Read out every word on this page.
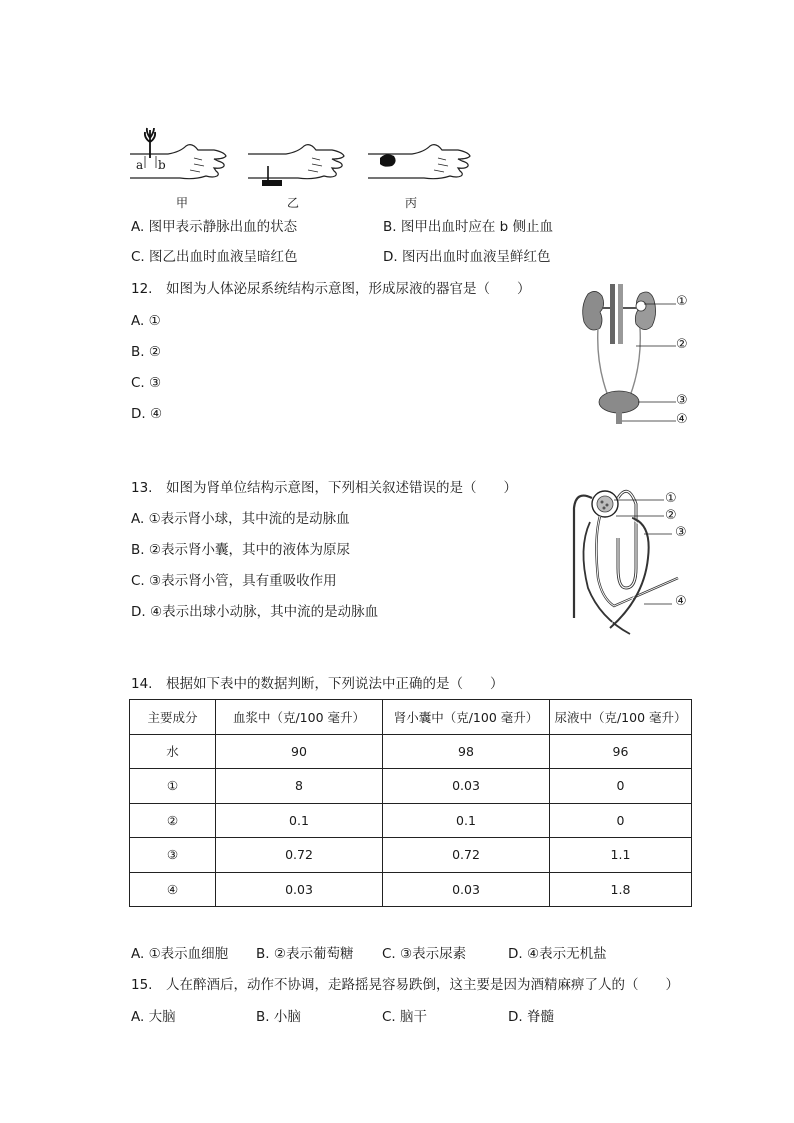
a b
甲	乙	丙
A. 图甲表示静脉出血的状态	B. 图甲出血时应在 b 侧止血
C. 图乙出血时血液呈暗红色	D. 图丙出血时血液呈鲜红色
12.　如图为人体泌尿系统结构示意图，形成尿液的器官是（　　）
A. ①
B. ②
C. ③
D. ④
①
②
③
④
13.　如图为肾单位结构示意图，下列相关叙述错误的是（　　）
A. ①表示肾小球，其中流的是动脉血
B. ②表示肾小囊，其中的液体为原尿
C. ③表示肾小管，具有重吸收作用
D. ④表示出球小动脉，其中流的是动脉血
①
②
③
④
14.　根据如下表中的数据判断，下列说法中正确的是（　　）
主要成分	血浆中（克/100 毫升）	肾小囊中（克/100 毫升）	尿液中（克/100 毫升）
水	90	98	96
①	8	0.03	0
②	0.1	0.1	0
③	0.72	0.72	1.1
④	0.03	0.03	1.8
A. ①表示血细胞 B. ②表示葡萄糖 C. ③表示尿素	D. ④表示无机盐
15.　人在醉酒后，动作不协调，走路摇晃容易跌倒，这主要是因为酒精麻痹了人的（　　）
A. 大脑	B. 小脑	C. 脑干	D. 脊髓
